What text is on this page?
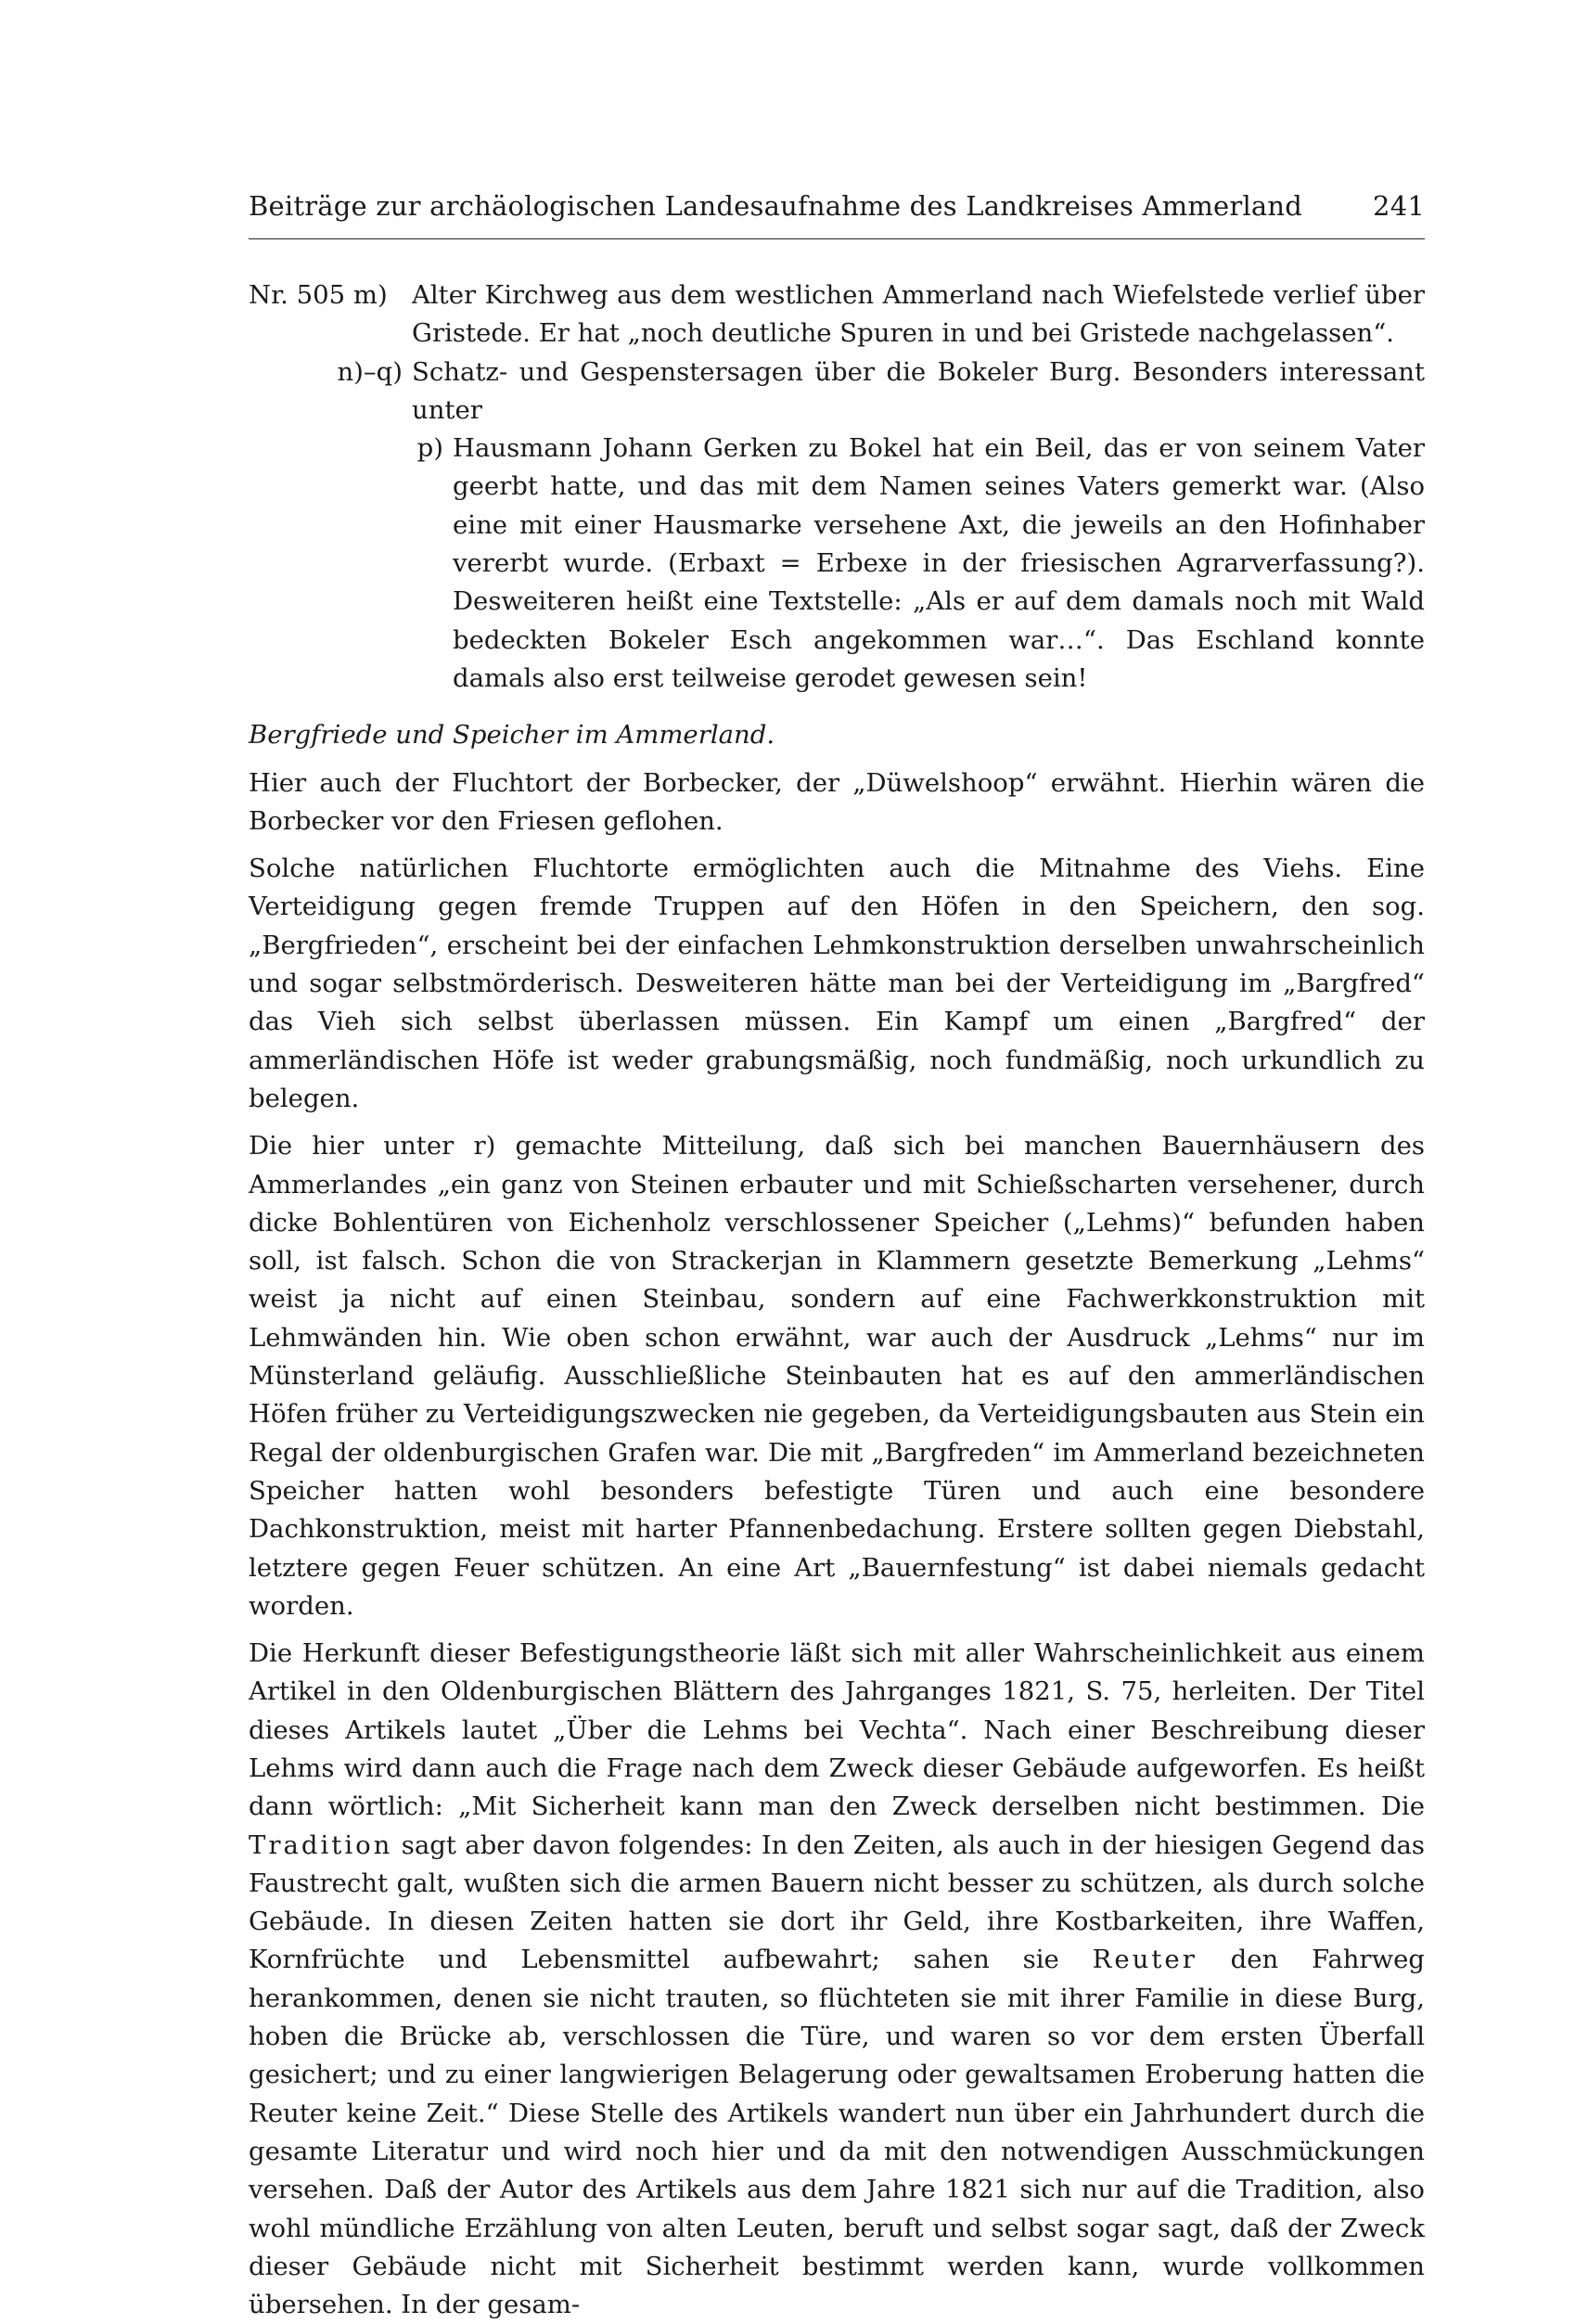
Beiträge zur archäologischen Landesaufnahme des Landkreises Ammerland	241
Nr. 505 m) Alter Kirchweg aus dem westlichen Ammerland nach Wiefelstede verlief über Gristede. Er hat „noch deutliche Spuren in und bei Gristede nachgelassen“.
n)–q) Schatz- und Gespenstersagen über die Bokeler Burg. Besonders interessant unter
p) Hausmann Johann Gerken zu Bokel hat ein Beil, das er von seinem Vater geerbt hatte, und das mit dem Namen seines Vaters gemerkt war. (Also eine mit einer Hausmarke versehene Axt, die jeweils an den Hofinhaber vererbt wurde. (Erbaxt = Erbexe in der friesischen Agrarverfassung?). Desweiteren heißt eine Textstelle: „Als er auf dem damals noch mit Wald bedeckten Bokeler Esch angekommen war…“. Das Eschland konnte damals also erst teilweise gerodet gewesen sein!

Bergfriede und Speicher im Ammerland.

Hier auch der Fluchtort der Borbecker, der „Düwelshoop“ erwähnt. Hierhin wären die Borbecker vor den Friesen geflohen.

Solche natürlichen Fluchtorte ermöglichten auch die Mitnahme des Viehs. Eine Verteidigung gegen fremde Truppen auf den Höfen in den Speichern, den sog. „Bergfrieden“, erscheint bei der einfachen Lehmkonstruktion derselben unwahrscheinlich und sogar selbstmörderisch. Desweiteren hätte man bei der Verteidigung im „Bargfred“ das Vieh sich selbst überlassen müssen. Ein Kampf um einen „Bargfred“ der ammerländischen Höfe ist weder grabungsmäßig, noch fundmäßig, noch urkundlich zu belegen.

Die hier unter r) gemachte Mitteilung, daß sich bei manchen Bauernhäusern des Ammerlandes „ein ganz von Steinen erbauter und mit Schießscharten versehener, durch dicke Bohlentüren von Eichenholz verschlossener Speicher („Lehms)“ befunden haben soll, ist falsch. Schon die von Strackerjan in Klammern gesetzte Bemerkung „Lehms“ weist ja nicht auf einen Steinbau, sondern auf eine Fachwerkkonstruktion mit Lehmwänden hin. Wie oben schon erwähnt, war auch der Ausdruck „Lehms“ nur im Münsterland geläufig. Ausschließliche Steinbauten hat es auf den ammerländischen Höfen früher zu Verteidigungszwecken nie gegeben, da Verteidigungsbauten aus Stein ein Regal der oldenburgischen Grafen war. Die mit „Bargfreden“ im Ammerland bezeichneten Speicher hatten wohl besonders befestigte Türen und auch eine besondere Dachkonstruktion, meist mit harter Pfannenbedachung. Erstere sollten gegen Diebstahl, letztere gegen Feuer schützen. An eine Art „Bauernfestung“ ist dabei niemals gedacht worden.

Die Herkunft dieser Befestigungstheorie läßt sich mit aller Wahrscheinlichkeit aus einem Artikel in den Oldenburgischen Blättern des Jahrganges 1821, S. 75, herleiten. Der Titel dieses Artikels lautet „Über die Lehms bei Vechta“. Nach einer Beschreibung dieser Lehms wird dann auch die Frage nach dem Zweck dieser Gebäude aufgeworfen. Es heißt dann wörtlich: „Mit Sicherheit kann man den Zweck derselben nicht bestimmen. Die Tradition sagt aber davon folgendes: In den Zeiten, als auch in der hiesigen Gegend das Faustrecht galt, wußten sich die armen Bauern nicht besser zu schützen, als durch solche Gebäude. In diesen Zeiten hatten sie dort ihr Geld, ihre Kostbarkeiten, ihre Waffen, Kornfrüchte und Lebensmittel aufbewahrt; sahen sie Reuter den Fahrweg herankommen, denen sie nicht trauten, so flüchteten sie mit ihrer Familie in diese Burg, hoben die Brücke ab, verschlossen die Türe, und waren so vor dem ersten Überfall gesichert; und zu einer langwierigen Belagerung oder gewaltsamen Eroberung hatten die Reuter keine Zeit.“ Diese Stelle des Artikels wandert nun über ein Jahrhundert durch die gesamte Literatur und wird noch hier und da mit den notwendigen Ausschmückungen versehen. Daß der Autor des Artikels aus dem Jahre 1821 sich nur auf die Tradition, also wohl mündliche Erzählung von alten Leuten, beruft und selbst sogar sagt, daß der Zweck dieser Gebäude nicht mit Sicherheit bestimmt werden kann, wurde vollkommen übersehen. In der gesam-
